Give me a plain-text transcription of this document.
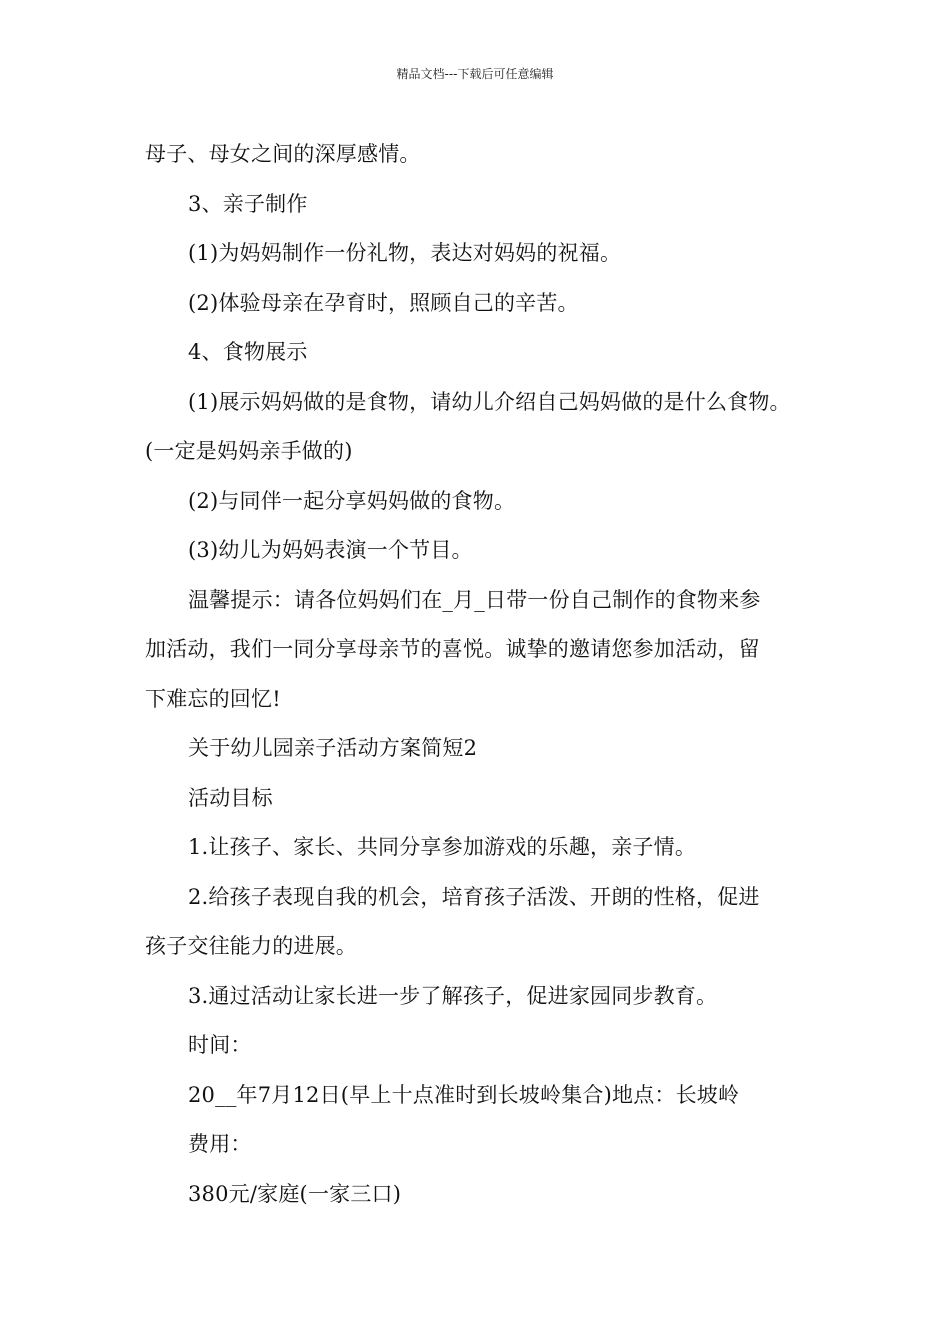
精品文档---下载后可任意编辑
母子、母女之间的深厚感情。
3、亲子制作
(1)为妈妈制作一份礼物，表达对妈妈的祝福。
(2)体验母亲在孕育时，照顾自己的辛苦。
4、食物展示
(1)展示妈妈做的是食物，请幼儿介绍自己妈妈做的是什么食物。
(一定是妈妈亲手做的)
(2)与同伴一起分享妈妈做的食物。
(3)幼儿为妈妈表演一个节目。
温馨提示：请各位妈妈们在_月_日带一份自己制作的食物来参
加活动，我们一同分享母亲节的喜悦。诚挚的邀请您参加活动，留
下难忘的回忆!
关于幼儿园亲子活动方案简短2
活动目标
1.让孩子、家长、共同分享参加游戏的乐趣，亲子情。
2.给孩子表现自我的机会，培育孩子活泼、开朗的性格，促进
孩子交往能力的进展。
3.通过活动让家长进一步了解孩子，促进家园同步教育。
时间：
20__年7月12日(早上十点准时到长坡岭集合)地点：长坡岭
费用：
380元/家庭(一家三口)
